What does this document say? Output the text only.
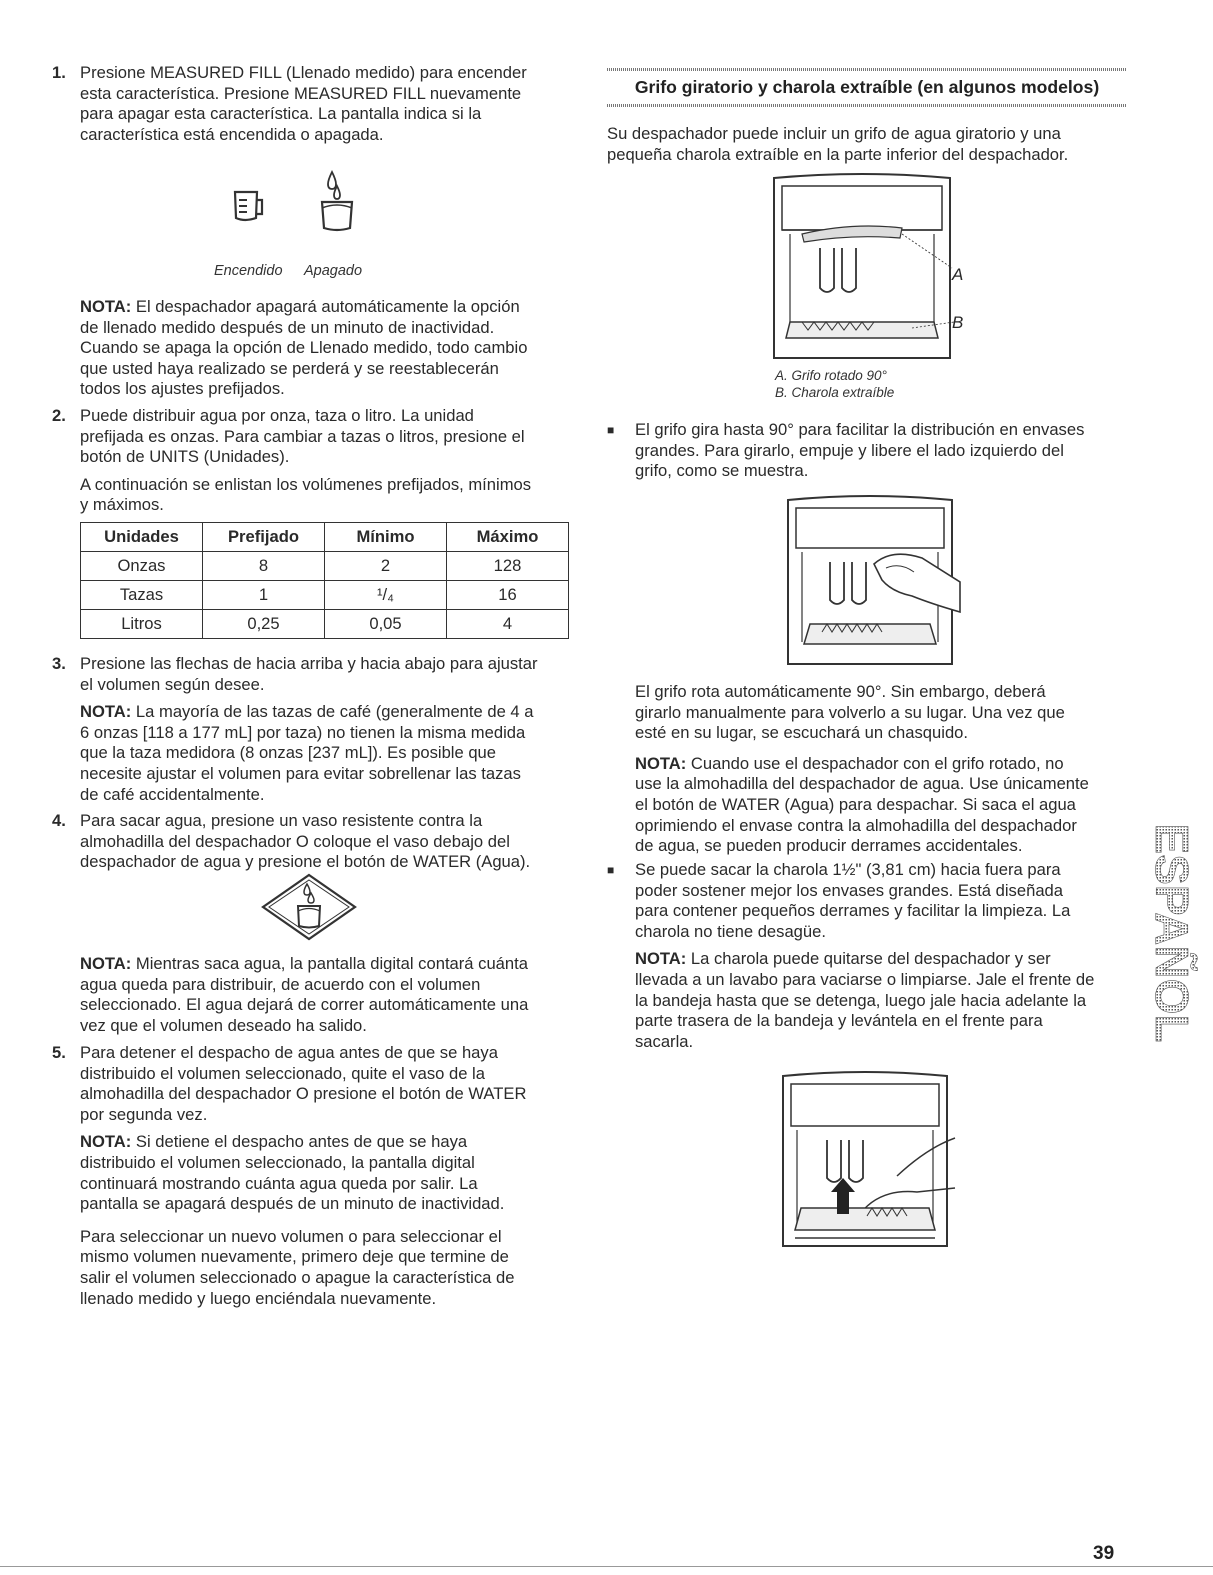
1. Presione MEASURED FILL (Llenado medido) para encender

esta característica. Presione MEASURED FILL nuevamente

para apagar esta característica. La pantalla indica si la

característica está encendida o apagada.

Encendido Apagado

NOTA: El despachador apagará automáticamente la opción

de llenado medido después de un minuto de inactividad.

Cuando se apaga la opción de Llenado medido, todo cambio

que usted haya realizado se perderá y se reestablecerán

todos los ajustes prefijados.

2. Puede distribuir agua por onza, taza o litro. La unidad

prefijada es onzas. Para cambiar a tazas o litros, presione el

botón de UNITS (Unidades).

A continuación se enlistan los volúmenes prefijados, mínimos

y máximos.

Unidades	Prefijado	Mínimo	Máximo
Onzas	8	2	128
Tazas	1	¹/₄	16
Litros	0,25	0,05	4
3. Presione las flechas de hacia arriba y hacia abajo para ajustar

el volumen según desee.

NOTA: La mayoría de las tazas de café (generalmente de 4 a

6 onzas [118 a 177 mL] por taza) no tienen la misma medida

que la taza medidora (8 onzas [237 mL]). Es posible que

necesite ajustar el volumen para evitar sobrellenar las tazas

de café accidentalmente.

4. Para sacar agua, presione un vaso resistente contra la

almohadilla del despachador O coloque el vaso debajo del

despachador de agua y presione el botón de WATER (Agua).

NOTA: Mientras saca agua, la pantalla digital contará cuánta

agua queda para distribuir, de acuerdo con el volumen

seleccionado. El agua dejará de correr automáticamente una

vez que el volumen deseado ha salido.

5. Para detener el despacho de agua antes de que se haya

distribuido el volumen seleccionado, quite el vaso de la

almohadilla del despachador O presione el botón de WATER

por segunda vez.

NOTA: Si detiene el despacho antes de que se haya

distribuido el volumen seleccionado, la pantalla digital

continuará mostrando cuánta agua queda por salir. La

pantalla se apagará después de un minuto de inactividad.

Para seleccionar un nuevo volumen o para seleccionar el

mismo volumen nuevamente, primero deje que termine de

salir el volumen seleccionado o apague la característica de

llenado medido y luego enciéndala nuevamente.

Grifo giratorio y charola extraíble (en algunos modelos)

Su despachador puede incluir un grifo de agua giratorio y una

pequeña charola extraíble en la parte inferior del despachador.

A

B

A. Grifo rotado 90°

B. Charola extraíble

■ El grifo gira hasta 90° para facilitar la distribución en envases

grandes. Para girarlo, empuje y libere el lado izquierdo del

grifo, como se muestra.

El grifo rota automáticamente 90°. Sin embargo, deberá

girarlo manualmente para volverlo a su lugar. Una vez que

esté en su lugar, se escuchará un chasquido.

NOTA: Cuando use el despachador con el grifo rotado, no

use la almohadilla del despachador de agua. Use únicamente

el botón de WATER (Agua) para despachar. Si saca el agua

oprimiendo el envase contra la almohadilla del despachador

de agua, se pueden producir derrames accidentales.

■ Se puede sacar la charola 1½" (3,81 cm) hacia fuera para

poder sostener mejor los envases grandes. Está diseñada

para contener pequeños derrames y facilitar la limpieza. La

charola no tiene desagüe.

NOTA: La charola puede quitarse del despachador y ser

llevada a un lavabo para vaciarse o limpiarse. Jale el frente de

la bandeja hasta que se detenga, luego jale hacia adelante la

parte trasera de la bandeja y levántela en el frente para

sacarla.	ESPAÑOL
39
